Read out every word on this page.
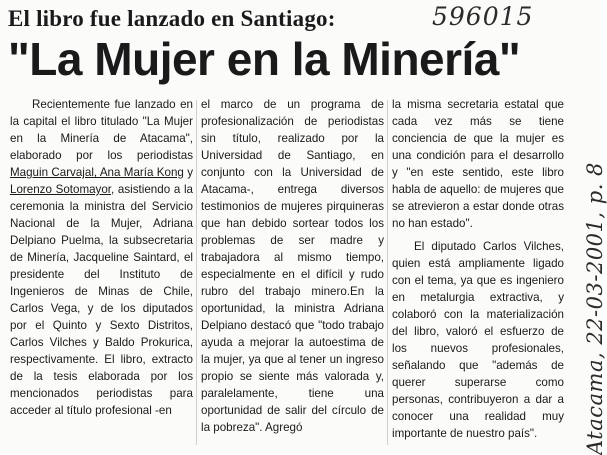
El libro fue lanzado en Santiago:
"La Mujer en la Minería"
596015
Atacama, 22-03-2001, p. 8

Recientemente fue lanzado en la capital el libro titulado "La Mujer en la Minería de Atacama", elaborado por los periodistas Maguin Carvajal, Ana María Kong y Lorenzo Sotomayor, asistiendo a la ceremonia la ministra del Servicio Nacional de la Mujer, Adriana Delpiano Puelma, la subsecretaria de Minería, Jacqueline Saintard, el presidente del Instituto de Ingenieros de Minas de Chile, Carlos Vega, y de los diputados por el Quinto y Sexto Distritos, Carlos Vilches y Baldo Prokurica, respectivamente. El libro, extracto de la tesis elaborada por los mencionados periodistas para acceder al título profesional -en

el marco de un programa de profesionalización de periodistas sin título, realizado por la Universidad de Santiago, en conjunto con la Universidad de Atacama-, entrega diversos testimonios de mujeres pirquineras que han debido sortear todos los problemas de ser madre y trabajadora al mismo tiempo, especialmente en el difícil y rudo rubro del trabajo minero.En la oportunidad, la ministra Adriana Delpiano destacó que "todo trabajo ayuda a mejorar la autoestima de la mujer, ya que al tener un ingreso propio se siente más valorada y, paralelamente, tiene una oportunidad de salir del círculo de la pobreza". Agregó

la misma secretaria estatal que cada vez más se tiene conciencia de que la mujer es una condición para el desarrollo y "en este sentido, este libro habla de aquello: de mujeres que se atrevieron a estar donde otras no han estado".

El diputado Carlos Vilches, quien está ampliamente ligado con el tema, ya que es ingeniero en metalurgia extractiva, y colaboró con la materialización del libro, valoró el esfuerzo de los nuevos profesionales, señalando que "además de querer superarse como personas, contribuyeron a dar a conocer una realidad muy importante de nuestro país".
